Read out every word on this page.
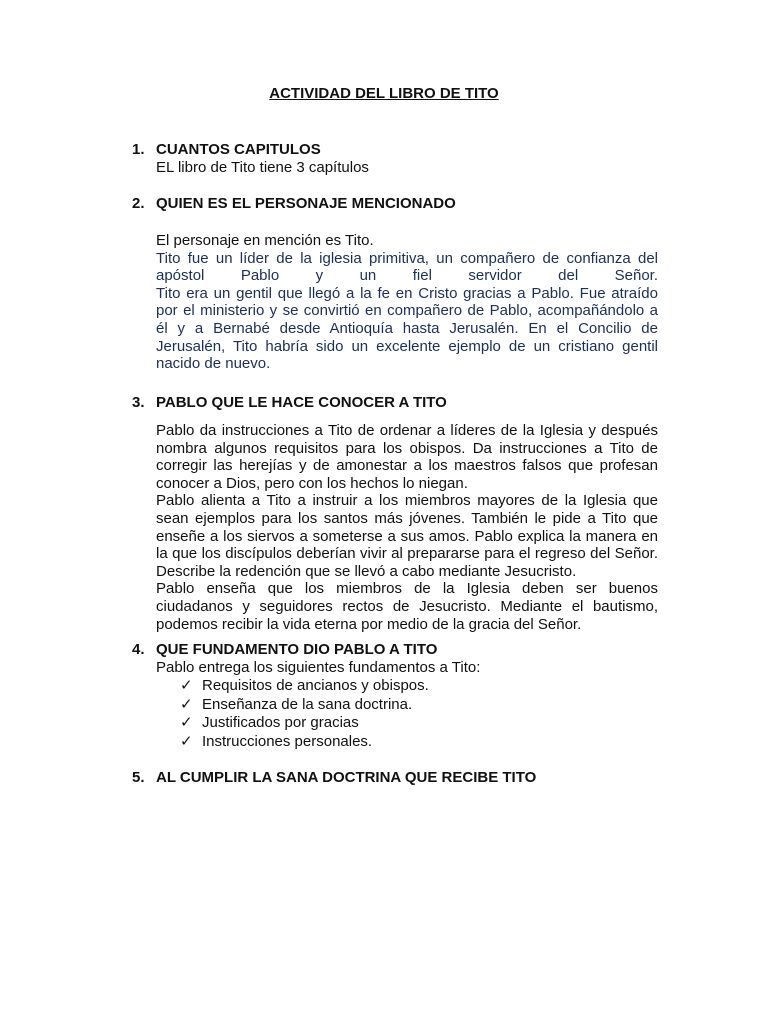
ACTIVIDAD DEL LIBRO DE TITO
1. CUANTOS CAPITULOS

EL libro de Tito tiene 3 capítulos

2. QUIEN ES EL PERSONAJE MENCIONADO

El personaje en mención es Tito.

Tito fue un líder de la iglesia primitiva, un compañero de confianza del apóstol Pablo y un fiel servidor del Señor.

Tito era un gentil que llegó a la fe en Cristo gracias a Pablo. Fue atraído por el ministerio y se convirtió en compañero de Pablo, acompañándolo a él y a Bernabé desde Antioquía hasta Jerusalén. En el Concilio de Jerusalén, Tito habría sido un excelente ejemplo de un cristiano gentil nacido de nuevo.

3. PABLO QUE LE HACE CONOCER A TITO

Pablo da instrucciones a Tito de ordenar a líderes de la Iglesia y después nombra algunos requisitos para los obispos. Da instrucciones a Tito de corregir las herejías y de amonestar a los maestros falsos que profesan conocer a Dios, pero con los hechos lo niegan.

Pablo alienta a Tito a instruir a los miembros mayores de la Iglesia que sean ejemplos para los santos más jóvenes. También le pide a Tito que enseñe a los siervos a someterse a sus amos. Pablo explica la manera en la que los discípulos deberían vivir al prepararse para el regreso del Señor. Describe la redención que se llevó a cabo mediante Jesucristo.

Pablo enseña que los miembros de la Iglesia deben ser buenos ciudadanos y seguidores rectos de Jesucristo. Mediante el bautismo, podemos recibir la vida eterna por medio de la gracia del Señor.

4. QUE FUNDAMENTO DIO PABLO A TITO

Pablo entrega los siguientes fundamentos a Tito:

✓ Requisitos de ancianos y obispos.
✓ Enseñanza de la sana doctrina.
✓ Justificados por gracias
✓ Instrucciones personales.
5. AL CUMPLIR LA SANA DOCTRINA QUE RECIBE TITO
